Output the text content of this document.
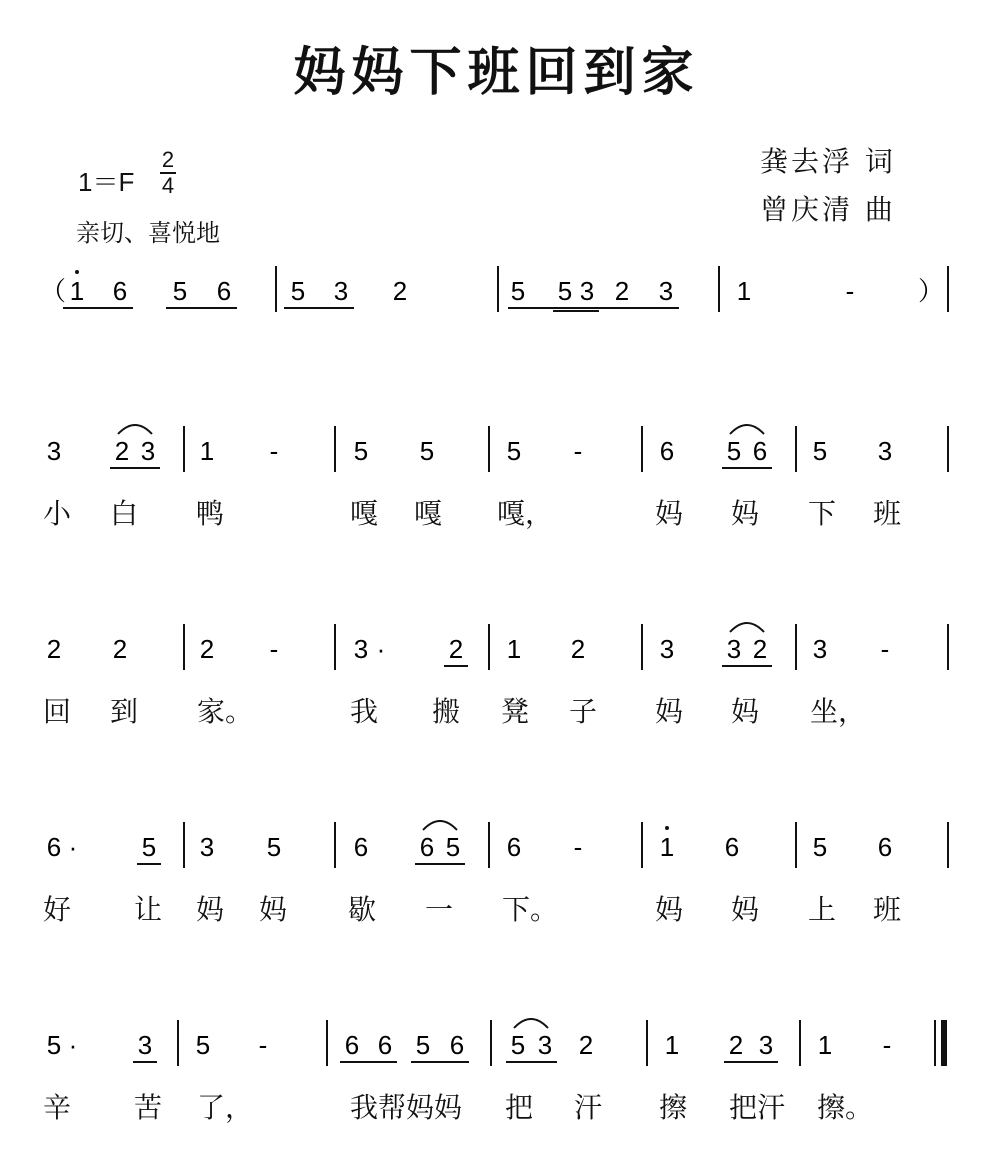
妈妈下班回到家
1＝F
2
4
亲切、喜悦地
龚去浮 词
曾庆清 曲
（ 1 6 5 6 5 3 2	5 5 3 2 3 1	- ）
3 2 3 1 -	5 5	5 -	6 5 6 5 3
小 白 鸭	嘎 嘎 嘎，	妈 妈 下 班
2 2	2 -	3 · 2 1 2	3 3 2 3 -
回 到 家。	我 搬 凳 子 妈 妈 坐，
6 · 5 3 5	6 6 5 6 -	1 6	5 6
好 让 妈 妈 歇 一 下。	妈 妈 上 班
5 · 3 5 -	6 6 5 6 5 3 2	1 2 3 1 -
辛 苦 了，	我帮妈妈 把 汗 擦 把汗 擦。
